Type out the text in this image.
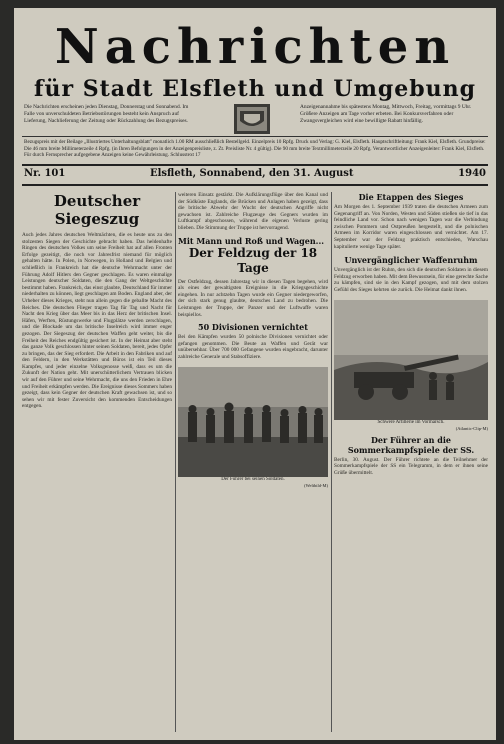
Nachrichten
für Stadt Elsfleth und Umgebung
Die Nachrichten erscheinen jeden Dienstag, Donnerstag und Sonnabend. Im Falle von unverschuldeten Betriebsstörungen besteht kein Anspruch auf Lieferung, Nachlieferung der Zeitung oder Rückzahlung des Bezugspreises.
Anzeigenannahme bis spätestens Montag, Mittwoch, Freitag, vormittags 9 Uhr. Größere Anzeigen am Tage vorher erbeten. Bei Konkursverfahren oder Zwangsvergleichen wird eine bewilligte Rabatt hinfällig.
Bezugspreis mit der Beilage „Illustriertes Unterhaltungsblatt" monatlich 1.00 RM ausschließlich Bestellgeld. Einzelpreis 10 Rpfg. Druck und Verlag: G. Kiel, Elsfleth. Hauptschriftleitung: Frank Kiel, Elsfleth. Grundpreise: Die 46 mm breite Millimeterzeile 4 Rpfg. (in Ihren Befolgungen in der Anzeigenpreisliste, z. Zt. Preisliste Nr. 4 gültig). Die 90 mm breite Textmillimeterzeile 20 Rpfg. Verantwortlicher Anzeigenleiter: Frank Kiel, Elsfleth. Für durch Fernsprecher aufgegebene Anzeigen keine Gewährleistung. Schlusstext 17
Nr. 101	Elsfleth, Sonnabend, den 31. August	1940
Deutscher Siegeszug
Auch jedes Jahres deutschen Weltmächten, die es heute uns zu den stolzesten Siegen der Geschichte gebracht haben. Das heldenhafte Ringen des deutschen Volkes um seine Freiheit hat auf allen Fronten Erfolge gezeitigt, die noch vor Jahresfrist niemand für möglich gehalten hätte. In Polen, in Norwegen, in Holland und Belgien und schließlich in Frankreich hat die deutsche Wehrmacht unter der Führung Adolf Hitlers den Gegner geschlagen. Es waren einmalige Leistungen deutscher Soldaten, die den Gang der Weltgeschichte bestimmt haben. Frankreich, das einst glaubte, Deutschland für immer niederhalten zu können, liegt geschlagen am Boden. England aber, der Urheber dieses Krieges, steht nun allein gegen die geballte Macht des Reiches. Die deutschen Flieger tragen Tag für Tag und Nacht für Nacht den Krieg über das Meer bis in das Herz der britischen Insel. Häfen, Werften, Rüstungswerke und Flugplätze werden zerschlagen, und die Blockade um das britische Inselreich wird immer enger gezogen. Der Siegeszug der deutschen Waffen geht weiter, bis die Freiheit des Reiches endgültig gesichert ist. In der Heimat aber steht das ganze Volk geschlossen hinter seinen Soldaten, bereit, jedes Opfer zu bringen, das der Sieg erfordert. Die Arbeit in den Fabriken und auf den Feldern, in den Werkstätten und Büros ist ein Teil dieses Kampfes, und jeder einzelne Volksgenosse weiß, dass es um die Zukunft der Nation geht. Mit unerschütterlichem Vertrauen blicken wir auf den Führer und seine Wehrmacht, die uns den Frieden in Ehre und Freiheit erkämpfen werden. Die Ereignisse dieses Sommers haben gezeigt, dass kein Gegner der deutschen Kraft gewachsen ist, und so sehen wir mit fester Zuversicht den kommenden Entscheidungen entgegen.
weiteren Einsatz gestärkt. Die Aufklärungsflüge über den Kanal und der Südküste Englands, die Brücken und Anlagen haben gezeigt, dass die britische Abwehr der Wucht der deutschen Angriffe nicht gewachsen ist. Zahlreiche Flugzeuge des Gegners wurden im Luftkampf abgeschossen, während die eigenen Verluste gering blieben. Die Stimmung der Truppe ist hervorragend.
Mit Mann und Roß und Wagen...
Der Feldzug der 18 Tage
Der Ostfeldzug, dessen Jahrestag wir in diesen Tagen begehen, wird als eines der gewaltigsten Ereignisse in die Kriegsgeschichte eingehen. In nur achtzehn Tagen wurde ein Gegner niedergeworfen, der sich stark genug glaubte, deutsches Land zu bedrohen. Die Leistungen der Truppe, der Panzer und der Luftwaffe waren beispiellos.
50 Divisionen vernichtet
Bei den Kämpfen wurden 50 polnische Divisionen vernichtet oder gefangen genommen. Die Beute an Waffen und Gerät war unübersehbar. Über 700 000 Gefangene wurden eingebracht, darunter zahlreiche Generale und Stabsoffiziere.
Der Führer bei seinen Soldaten.
(Weltbild-M)
Die Etappen des Sieges
Am Morgen des 1. September 1939 traten die deutschen Armeen zum Gegenangriff an. Von Norden, Westen und Süden stießen sie tief in das feindliche Land vor. Schon nach wenigen Tagen war die Verbindung zwischen Pommern und Ostpreußen hergestellt, und die polnischen Armeen im Korridor waren eingeschlossen und vernichtet. Am 17. September war der Feldzug praktisch entschieden, Warschau kapitulierte wenige Tage später.
Unvergänglicher Waffenruhm
Unvergänglich ist der Ruhm, den sich die deutschen Soldaten in diesem Feldzug erworben haben. Mit dem Bewusstsein, für eine gerechte Sache zu kämpfen, sind sie in den Kampf gezogen, und mit dem stolzen Gefühl des Sieges kehrten sie zurück. Die Heimat dankt ihnen.
Schwere Artillerie im Vormarsch.
(Atlantic-Clip-M)
Der Führer an die Sommerkampfspiele der SS.
Berlin, 30. August. Der Führer richtete an die Teilnehmer der Sommerkampfspiele der SS ein Telegramm, in dem er ihnen seine Grüße übermittelt.
